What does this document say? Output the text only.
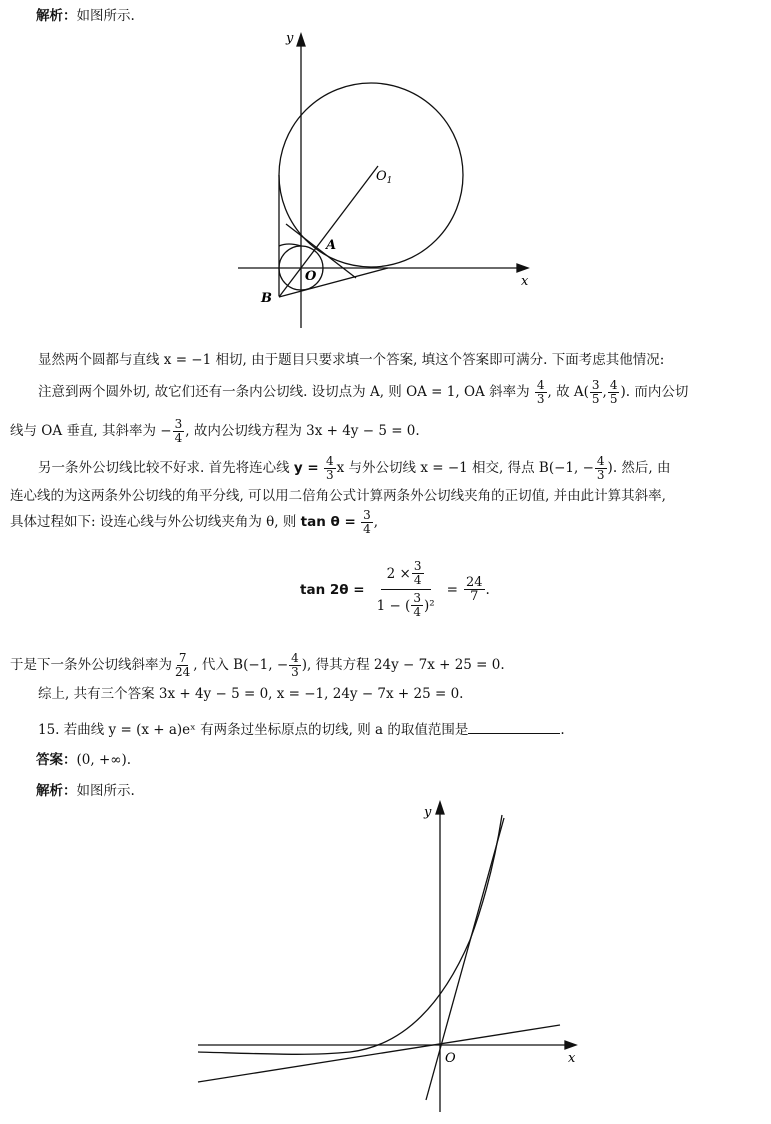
解析：如图所示.
y
x
$O_1$
A
O
B
显然两个圆都与直线 x = −1 相切, 由于题目只要求填一个答案, 填这个答案即可满分. 下面考虑其他情况:
注意到两个圆外切, 故它们还有一条内公切线. 设切点为 A, 则 OA = 1, OA 斜率为 $\frac{4}{3}$ , 故 $A( \frac{3}{5}$ , $\frac{4}{5}$ ). 而内公切
线与 OA 垂直, 其斜率为 − $\frac{3}{4}$ , 故内公切线方程为 3x + 4y − 5 = 0.
另一条外公切线比较不好求. 首先将连心线 $y = \frac{4}{3}$ x 与外公切线 x = −1 相交, 得点 B(−1, − $\frac{4}{3}$ ). 然后, 由
连心线的为这两条外公切线的角平分线, 可以用二倍角公式计算两条外公切线夹角的正切值, 并由此计算其斜率,
具体过程如下: 设连心线与外公切线夹角为 θ, 则 $\tan \theta = \frac{3}{4}$ ,
$\tan 2\theta = \frac{2 \times \frac{3}{4}}{1 - ( \frac{3}{4} )^2} = \frac{24}{7}$ .
于是下一条外公切线斜率为 $\frac{7}{24}$ , 代入 B(−1, − $\frac{4}{3}$ ), 得其方程 24y − 7x + 25 = 0.
综上, 共有三个答案 3x + 4y − 5 = 0, x = −1, 24y − 7x + 25 = 0.
15. 若曲线 y = (x + a)eˣ 有两条过坐标原点的切线, 则 a 的取值范围是	.
答案：(0, +∞).
解析：如图所示.
y
x
O
